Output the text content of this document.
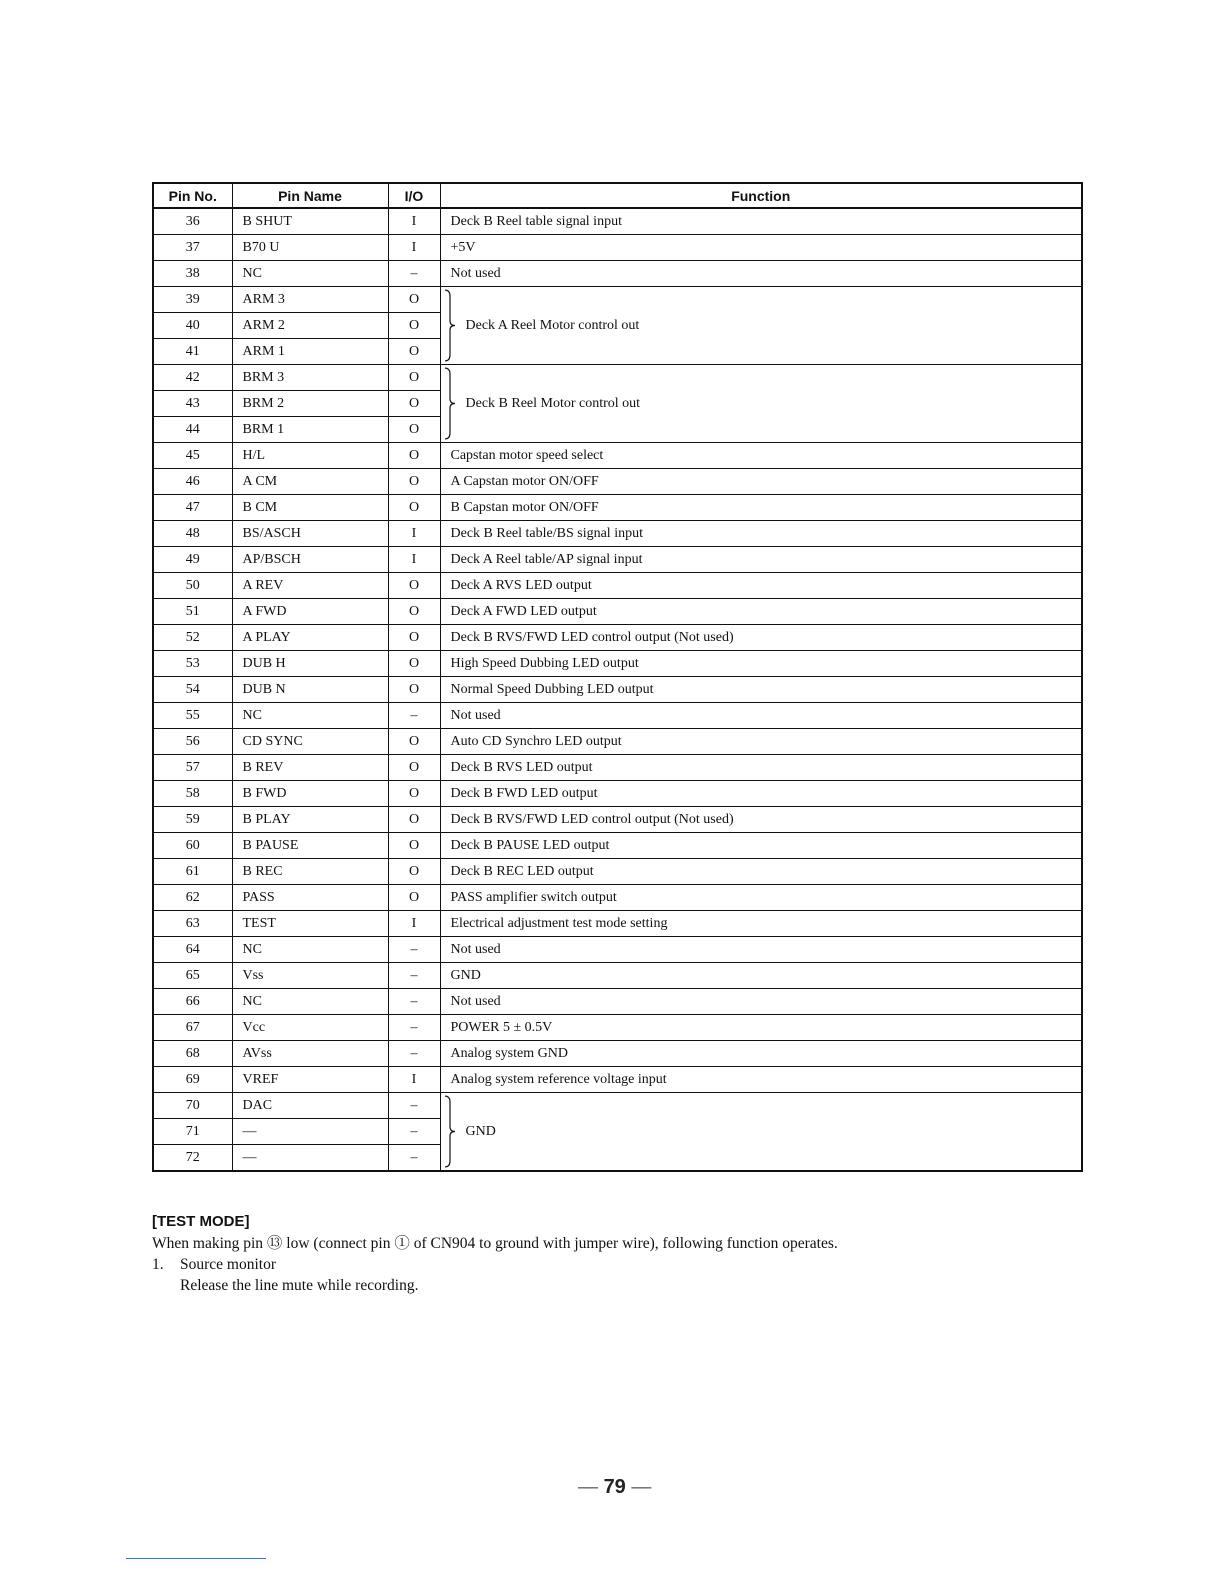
Pin No.	Pin Name	I/O	Function
36	B SHUT	I	Deck B Reel table signal input
37	B70 U	I	+5V
38	NC	–	Not used
39	ARM 3	O	Deck A Reel Motor control out

40	ARM 2	O	
41	ARM 1	O	
42	BRM 3	O	Deck B Reel Motor control out

43	BRM 2	O	
44	BRM 1	O	
45	H/L	O	Capstan motor speed select
46	A CM	O	A Capstan motor ON/OFF
47	B CM	O	B Capstan motor ON/OFF
48	BS/ASCH	I	Deck B Reel table/BS signal input
49	AP/BSCH	I	Deck A Reel table/AP signal input
50	A REV	O	Deck A RVS LED output
51	A FWD	O	Deck A FWD LED output
52	A PLAY	O	Deck B RVS/FWD LED control output (Not used)
53	DUB H	O	High Speed Dubbing LED output
54	DUB N	O	Normal Speed Dubbing LED output
55	NC	–	Not used
56	CD SYNC	O	Auto CD Synchro LED output
57	B REV	O	Deck B RVS LED output
58	B FWD	O	Deck B FWD LED output
59	B PLAY	O	Deck B RVS/FWD LED control output (Not used)
60	B PAUSE	O	Deck B PAUSE LED output
61	B REC	O	Deck B REC LED output
62	PASS	O	PASS amplifier switch output
63	TEST	I	Electrical adjustment test mode setting
64	NC	–	Not used
65	Vss	–	GND
66	NC	–	Not used
67	Vcc	–	POWER 5 ± 0.5V
68	AVss	–	Analog system GND
69	VREF	I	Analog system reference voltage input
70	DAC	–	GND

71	—	–	
72	—	–	
[TEST MODE]

When making pin ⑬ low (connect pin ① of CN904 to ground with jumper wire), following function operates.

1. Source monitor

Release the line mute while recording.

— 79 —
